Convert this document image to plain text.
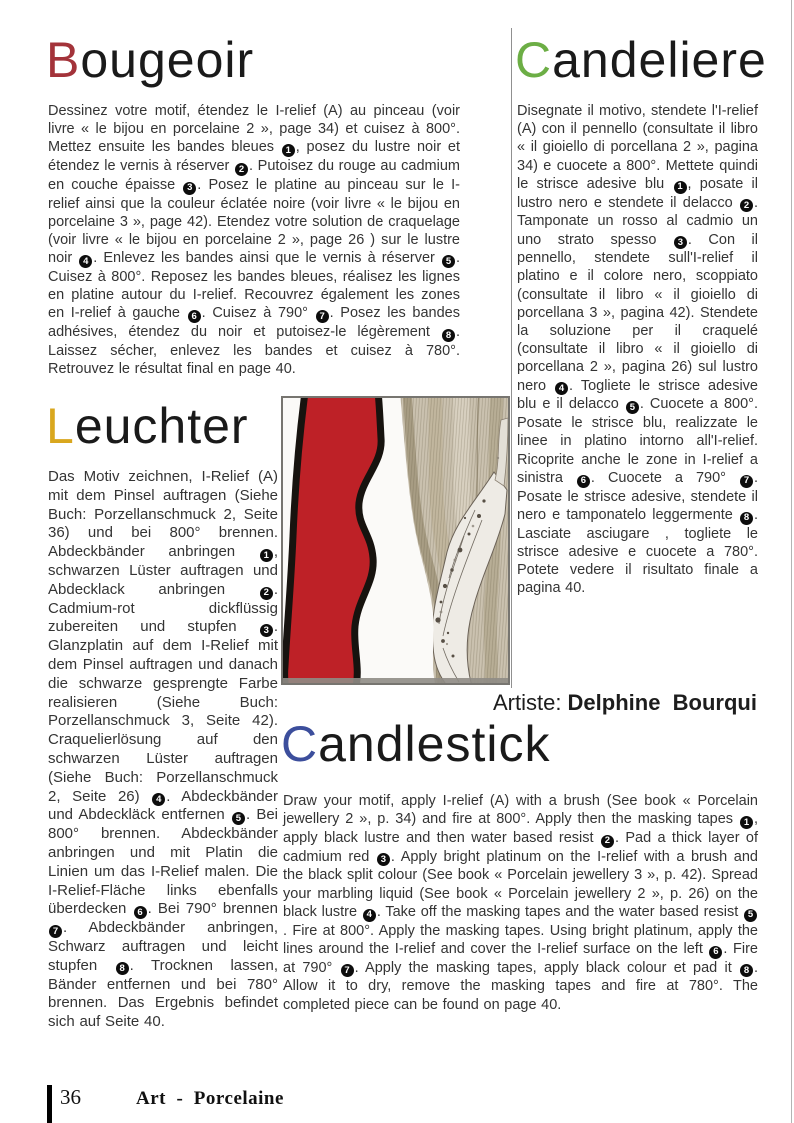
Bougeoir
Dessinez votre motif, étendez le I-relief (A) au pinceau (voir livre « le bijou en porcelaine 2 », page 34) et cuisez à 800°. Mettez ensuite les bandes bleues 1 , posez du lustre noir et étendez le vernis à réserver 2 . Putoisez du rouge au cadmium en couche épaisse 3 . Posez le platine au pinceau sur le I-relief ainsi que la couleur éclatée noire (voir livre « le bijou en porcelaine 3 », page 42). Etendez votre solution de craquelage (voir livre « le bijou en porcelaine 2 », page 26 ) sur le lustre noir 4 . Enlevez les bandes ainsi que le vernis à réserver 5 . Cuisez à 800°. Reposez les bandes bleues, réalisez les lignes en platine autour du I-relief. Recouvrez également les zones en I-relief à gauche 6 . Cuisez à 790° 7 . Posez les bandes adhésives, étendez du noir et putoisez-le légèrement 8 . Laissez sécher, enlevez les bandes et cuisez à 780°. Retrouvez le résultat final en page 40.
Candeliere
Disegnate il motivo, stendete l'I-relief (A) con il pennello (consultate il libro « il gioiello di porcellana 2 », pagina 34) e cuocete a 800°. Mettete quindi le strisce adesive blu 1 , posate il lustro nero e stendete il delacco 2 . Tamponate un rosso al cadmio un uno strato spesso 3 . Con il pennello, stendete sull'I-relief il platino e il colore nero, scoppiato (consultate il libro « il gioiello di porcellana 3 », pagina 42). Stendete la soluzione per il craquelé (consultate il libro « il gioiello di porcellana 2 », pagina 26) sul lustro nero 4 . Togliete le strisce adesive blu e il delacco 5 . Cuocete a 800°. Posate le strisce blu, realizzate le linee in platino intorno all'I-relief. Ricoprite anche le zone in I-relief a sinistra 6 . Cuocete a 790° 7 . Posate le strisce adesive, stendete il nero e tamponatelo leggermente 8 . Lasciate asciugare , togliete le strisce adesive e cuocete a 780°. Potete vedere il risultato finale a pagina 40.
Leuchter
Das Motiv zeichnen, I-Relief (A) mit dem Pinsel auftragen (Siehe Buch: Porzellanschmuck 2, Seite 36) und bei 800° brennen. Abdeckbänder anbringen 1 , schwarzen Lüster auftragen und Abdecklack anbringen 2 . Cadmium-rot dickflüssig zubereiten und stupfen 3 . Glanzplatin auf dem I-Relief mit dem Pinsel auftragen und danach die schwarze gesprengte Farbe realisieren (Siehe Buch: Porzellanschmuck 3, Seite 42). Craquelierlösung auf den schwarzen Lüster auftragen (Siehe Buch: Porzellanschmuck 2, Seite 26) 4 . Abdeckbänder und Abdeckläck entfernen 5 . Bei 800° brennen. Abdeckbänder anbringen und mit Platin die Linien um das I-Relief malen. Die I-Relief-Fläche links ebenfalls überdecken 6 . Bei 790° brennen 7 . Abdeckbänder anbringen, Schwarz auftragen und leicht stupfen 8 . Trocknen lassen, Bänder entfernen und bei 780° brennen. Das Ergebnis befindet sich auf Seite 40.
Artiste: Delphine  Bourqui
Candlestick
Draw your motif, apply I-relief (A) with a brush (See book « Porcelain jewellery 2 », p. 34) and fire at 800°. Apply then the masking tapes 1 , apply black lustre and then water based resist 2 . Pad a thick layer of cadmium red 3 . Apply bright platinum on the I-relief with a brush and the black split colour (See book « Porcelain jewellery 3 », p. 42). Spread your marbling liquid (See book « Porcelain jewellery 2 », p. 26) on the black lustre 4 . Take off the masking tapes and the water based resist 5. Fire at 800°. Apply the masking tapes. Using bright platinum, apply the lines around the I-relief and cover the I-relief surface on the left 6 . Fire at 790° 7 . Apply the masking tapes, apply black colour et pad it 8 . Allow it to dry, remove the masking tapes and fire at 780°. The completed piece can be found on page 40.
36	Art  -  Porcelaine
